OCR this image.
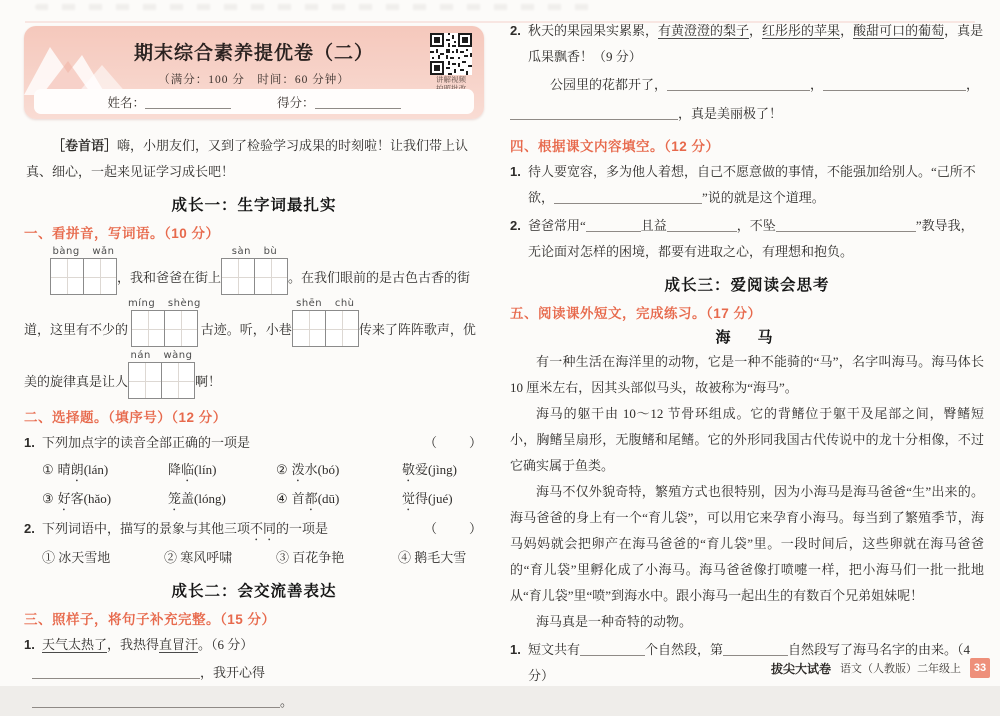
期末综合素养提优卷（二）
（满分：100 分　时间：60 分钟）	讲解视频
姓名：	得分：

［卷首语］嗨，小朋友们，又到了检验学习成果的时刻啦！让我们带上认真、细心，一起来见证学习成长吧！

成长一：生字词最扎实
一、看拼音，写词语。（10 分）
bàng wǎn
，我和爸爸在街上
sàn bù
。在我们眼前的是古色古香的街
道，这里有不少的
míng shèng
古迹。听，小巷
shēn chù
传来了阵阵歌声，优
美的旋律真是让人
nán wàng
啊！
二、选择题。（填序号）（12 分）
1.	（　　）
下列加点字的读音全部正确的一项是
① 晴朗(lán)	降临(lín)	② 泼水(bó)	敬爱(jìng)
③ 好客(hǎo)	笼盖(lóng)	④ 首都(dū)	觉得(jué)
2.	（　　）
下列词语中，描写的景象与其他三项不同的一项是
① 冰天雪地	② 寒风呼啸	③ 百花争艳	④ 鹅毛大雪
成长二：会交流善表达
三、照样子，将句子补充完整。（15 分）
1. 天气太热了，我热得直冒汗。（6 分）
，我开心得。
2. 秋天的果园果实累累，有黄澄澄的梨子，红彤彤的苹果，酸甜可口的葡萄，真是瓜果飘香！（9 分）
公园里的花都开了，	，	，
，真是美丽极了！
四、根据课文内容填空。（12 分）
1. 待人要宽容，多为他人着想，自己不愿意做的事情，不能强加给别人。“己所不欲，	”说的就是这个道理。
2. 爸爸常用“	且益	，不坠	”教导我，无论面对怎样的困境，都要有进取之心，有理想和抱负。
成长三：爱阅读会思考
五、阅读课外短文，完成练习。（17 分）
海　马

有一种生活在海洋里的动物，它是一种不能骑的“马”，名字叫海马。海马体长 10 厘米左右，因其头部似马头，故被称为“海马”。

海马的躯干由 10～12 节骨环组成。它的背鳍位于躯干及尾部之间，臀鳍短小，胸鳍呈扇形，无腹鳍和尾鳍。它的外形同我国古代传说中的龙十分相像，不过它确实属于鱼类。

海马不仅外貌奇特，繁殖方式也很特别，因为小海马是海马爸爸“生”出来的。海马爸爸的身上有一个“育儿袋”，可以用它来孕育小海马。每当到了繁殖季节，海马妈妈就会把卵产在海马爸爸的“育儿袋”里。一段时间后，这些卵就在海马爸爸的“育儿袋”里孵化成了小海马。海马爸爸像打喷嚏一样，把小海马们一批一批地从“育儿袋”里“喷”到海水中。跟小海马一起出生的有数百个兄弟姐妹呢！

海马真是一种奇特的动物。

1. 短文共有	个自然段，第	自然段写了海马名字的由来。（4 分）	拔尖大试卷 语文（人教版）二年级上	33
